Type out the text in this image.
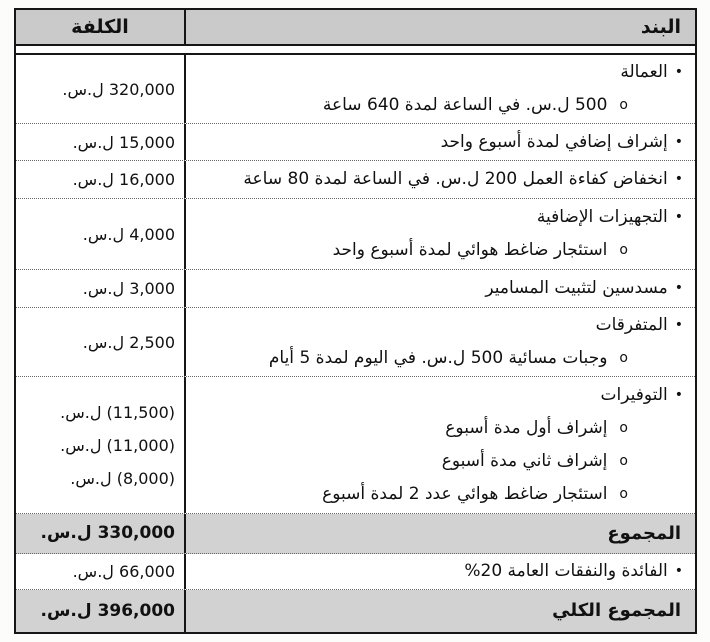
البند
الكلفة
•
العمالة
o
500 ل.س. في الساعة لمدة 640 ساعة
320,000 ل.س.
•
إشراف إضافي لمدة أسبوع واحد
15,000 ل.س.
•
انخفاض كفاءة العمل 200 ل.س. في الساعة لمدة 80 ساعة
16,000 ل.س.
•
التجهيزات الإضافية
o
استئجار ضاغط هوائي لمدة أسبوع واحد
4,000 ل.س.
•
مسدسين لتثبيت المسامير
3,000 ل.س.
•
المتفرقات
o
وجبات مسائية 500 ل.س. في اليوم لمدة 5 أيام
2,500 ل.س.
•
التوفيرات
o
إشراف أول مدة أسبوع
o
إشراف ثاني مدة أسبوع
o
استئجار ضاغط هوائي عدد 2 لمدة أسبوع
(11,500) ل.س.
(11,000) ل.س.
(8,000) ل.س.
المجموع
330,000 ل.س.
•
الفائدة والنفقات العامة 20%
66,000 ل.س.
المجموع الكلي
396,000 ل.س.
